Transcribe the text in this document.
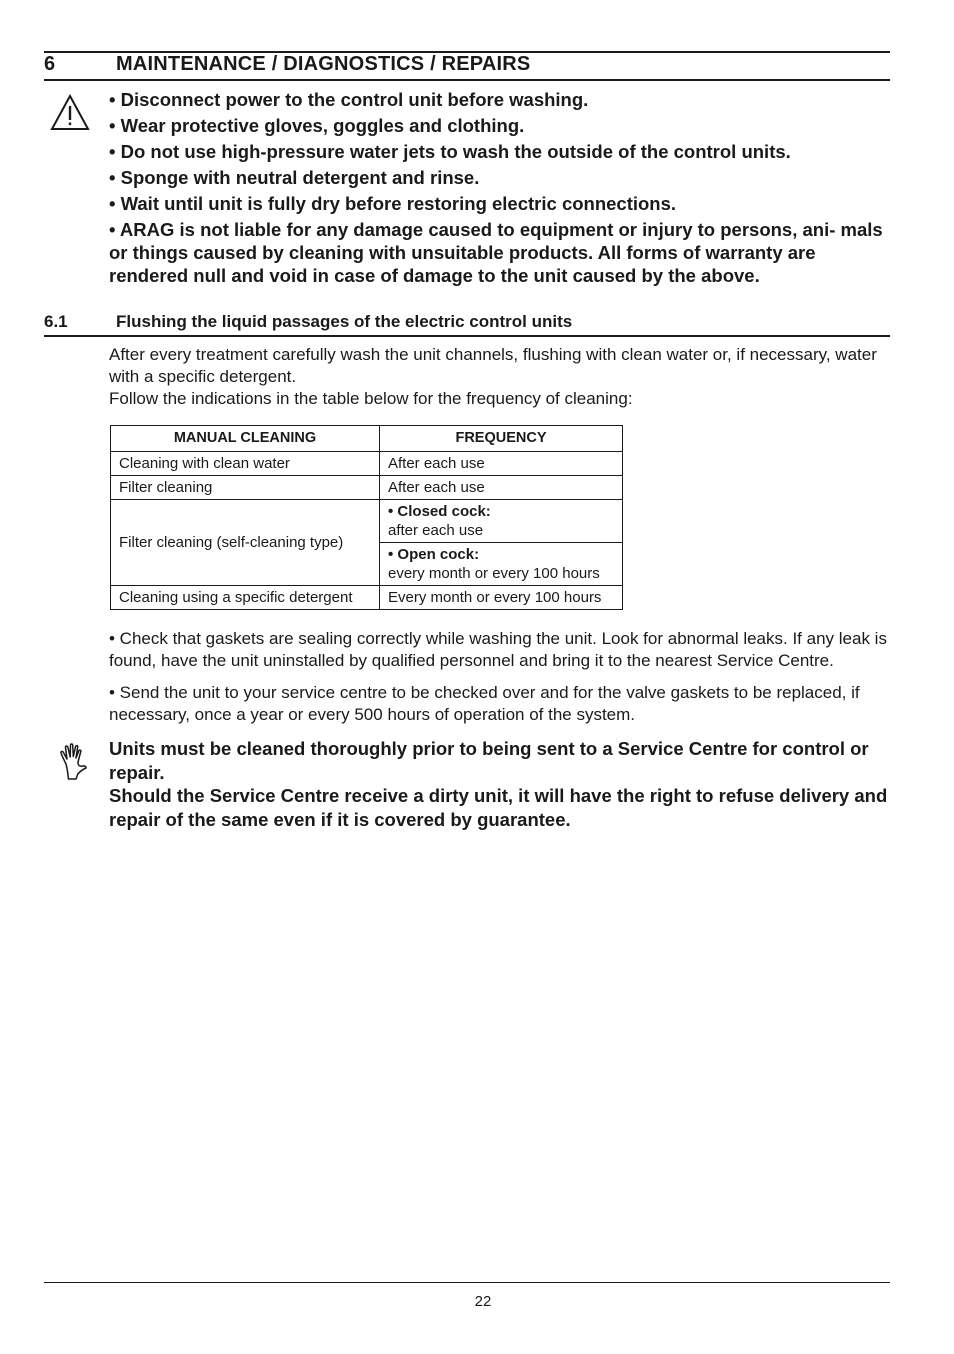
6	MAINTENANCE / DIAGNOSTICS / REPAIRS
• Disconnect power to the control unit before washing.
• Wear protective gloves, goggles and clothing.
• Do not use high-pressure water jets to wash the outside of the control units.
• Sponge with neutral detergent and rinse.
• Wait until unit is fully dry before restoring electric connections.
• ARAG is not liable for any damage caused to equipment or injury to persons, ani- mals or things caused by cleaning with unsuitable products. All forms of warranty are rendered null and void in case of damage to the unit caused by the above.
6.1	Flushing the liquid passages of the electric control units
After every treatment carefully wash the unit channels, flushing with clean water or, if necessary, water with a specific detergent.
Follow the indications in the table below for the frequency of cleaning:
MANUAL CLEANING	FREQUENCY
Cleaning with clean water	After each use
Filter cleaning	After each use
Filter cleaning (self-cleaning type)	• Closed cock:
after each use

	• Open cock:
every month or every 100 hours

Cleaning using a specific detergent	Every month or every 100 hours
• Check that gaskets are sealing correctly while washing the unit. Look for abnormal leaks. If any leak is found, have the unit uninstalled by qualified personnel and bring it to the nearest Service Centre.
• Send the unit to your service centre to be checked over and for the valve gaskets to be replaced, if necessary, once a year or every 500 hours of operation of the system.
Units must be cleaned thoroughly prior to being sent to a Service Centre for control or repair.
Should the Service Centre receive a dirty unit, it will have the right to refuse delivery and repair of the same even if it is covered by guarantee.
22
